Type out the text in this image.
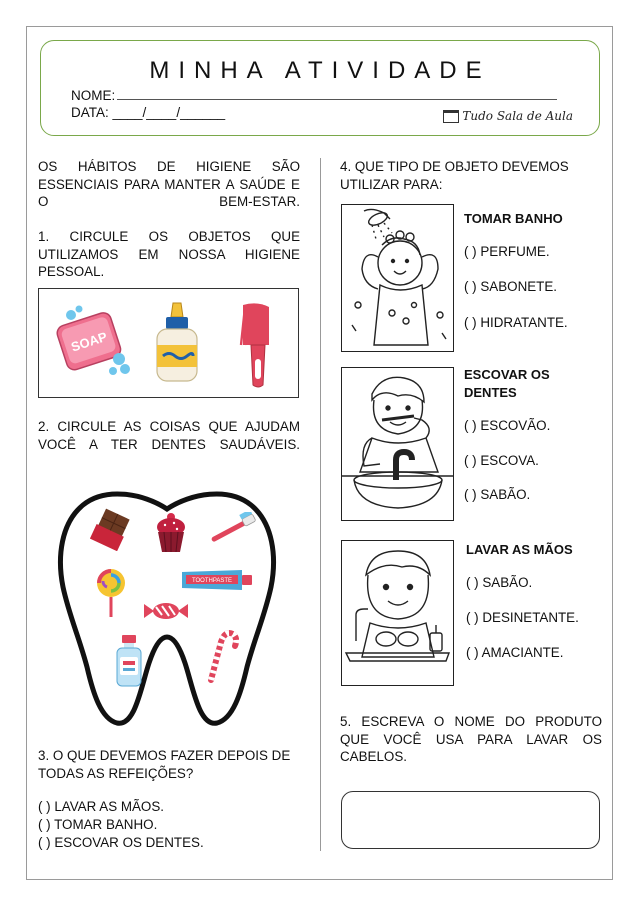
MINHA ATIVIDADE
NOME:
DATA: ____/____/______	Tudo Sala de Aula
OS HÁBITOS DE HIGIENE SÃO ESSENCIAIS PARA MANTER A SAÚDE E O BEM-ESTAR.
1. CIRCULE OS OBJETOS QUE UTILIZAMOS EM NOSSA HIGIENE PESSOAL.
SOAP
2. CIRCULE AS COISAS QUE AJUDAM VOCÊ A TER DENTES SAUDÁVEIS.
TOOTHPASTE
3. O QUE DEVEMOS FAZER DEPOIS DE TODAS AS REFEIÇÕES?
( ) LAVAR AS MÃOS.
( ) TOMAR BANHO.
( ) ESCOVAR OS DENTES.
4. QUE TIPO DE OBJETO DEVEMOS UTILIZAR PARA:
TOMAR BANHO
( ) PERFUME.
( ) SABONETE.
( ) HIDRATANTE.
ESCOVAR OS DENTES
( ) ESCOVÃO.
( ) ESCOVA.
( ) SABÃO.
LAVAR AS MÃOS
( ) SABÃO.
( ) DESINETANTE.
( ) AMACIANTE.
5. ESCREVA O NOME DO PRODUTO QUE VOCÊ USA PARA LAVAR OS CABELOS.
